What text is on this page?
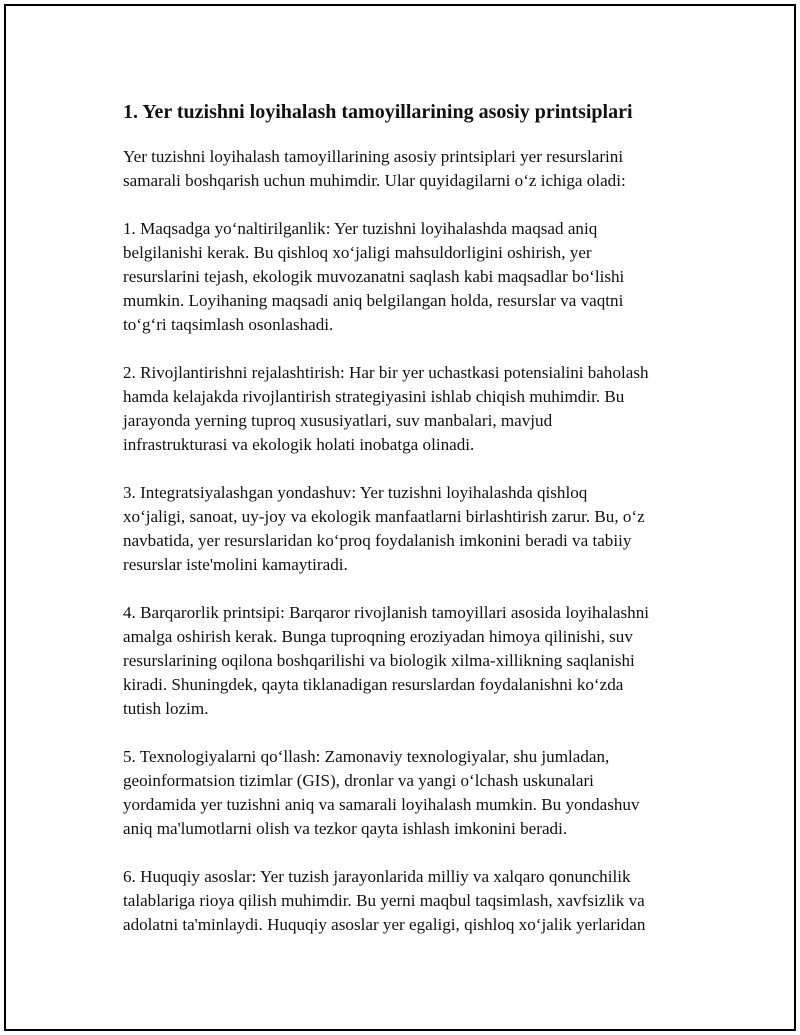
1. Yer tuzishni loyihalash tamoyillarining asosiy printsiplari

Yer tuzishni loyihalash tamoyillarining asosiy printsiplari yer resurslarini
samarali boshqarish uchun muhimdir. Ular quyidagilarni o‘z ichiga oladi:

1. Maqsadga yo‘naltirilganlik: Yer tuzishni loyihalashda maqsad aniq
belgilanishi kerak. Bu qishloq xo‘jaligi mahsuldorligini oshirish, yer
resurslarini tejash, ekologik muvozanatni saqlash kabi maqsadlar bo‘lishi
mumkin. Loyihaning maqsadi aniq belgilangan holda, resurslar va vaqtni
to‘g‘ri taqsimlash osonlashadi.

2. Rivojlantirishni rejalashtirish: Har bir yer uchastkasi potensialini baholash
hamda kelajakda rivojlantirish strategiyasini ishlab chiqish muhimdir. Bu
jarayonda yerning tuproq xususiyatlari, suv manbalari, mavjud
infrastrukturasi va ekologik holati inobatga olinadi.

3. Integratsiyalashgan yondashuv: Yer tuzishni loyihalashda qishloq
xo‘jaligi, sanoat, uy-joy va ekologik manfaatlarni birlashtirish zarur. Bu, o‘z
navbatida, yer resurslaridan ko‘proq foydalanish imkonini beradi va tabiiy
resurslar iste'molini kamaytiradi.

4. Barqarorlik printsipi: Barqaror rivojlanish tamoyillari asosida loyihalashni
amalga oshirish kerak. Bunga tuproqning eroziyadan himoya qilinishi, suv
resurslarining oqilona boshqarilishi va biologik xilma-xillikning saqlanishi
kiradi. Shuningdek, qayta tiklanadigan resurslardan foydalanishni ko‘zda
tutish lozim.

5. Texnologiyalarni qo‘llash: Zamonaviy texnologiyalar, shu jumladan,
geoinformatsion tizimlar (GIS), dronlar va yangi o‘lchash uskunalari
yordamida yer tuzishni aniq va samarali loyihalash mumkin. Bu yondashuv
aniq ma'lumotlarni olish va tezkor qayta ishlash imkonini beradi.

6. Huquqiy asoslar: Yer tuzish jarayonlarida milliy va xalqaro qonunchilik
talablariga rioya qilish muhimdir. Bu yerni maqbul taqsimlash, xavfsizlik va
adolatni ta'minlaydi. Huquqiy asoslar yer egaligi, qishloq xo‘jalik yerlaridan
